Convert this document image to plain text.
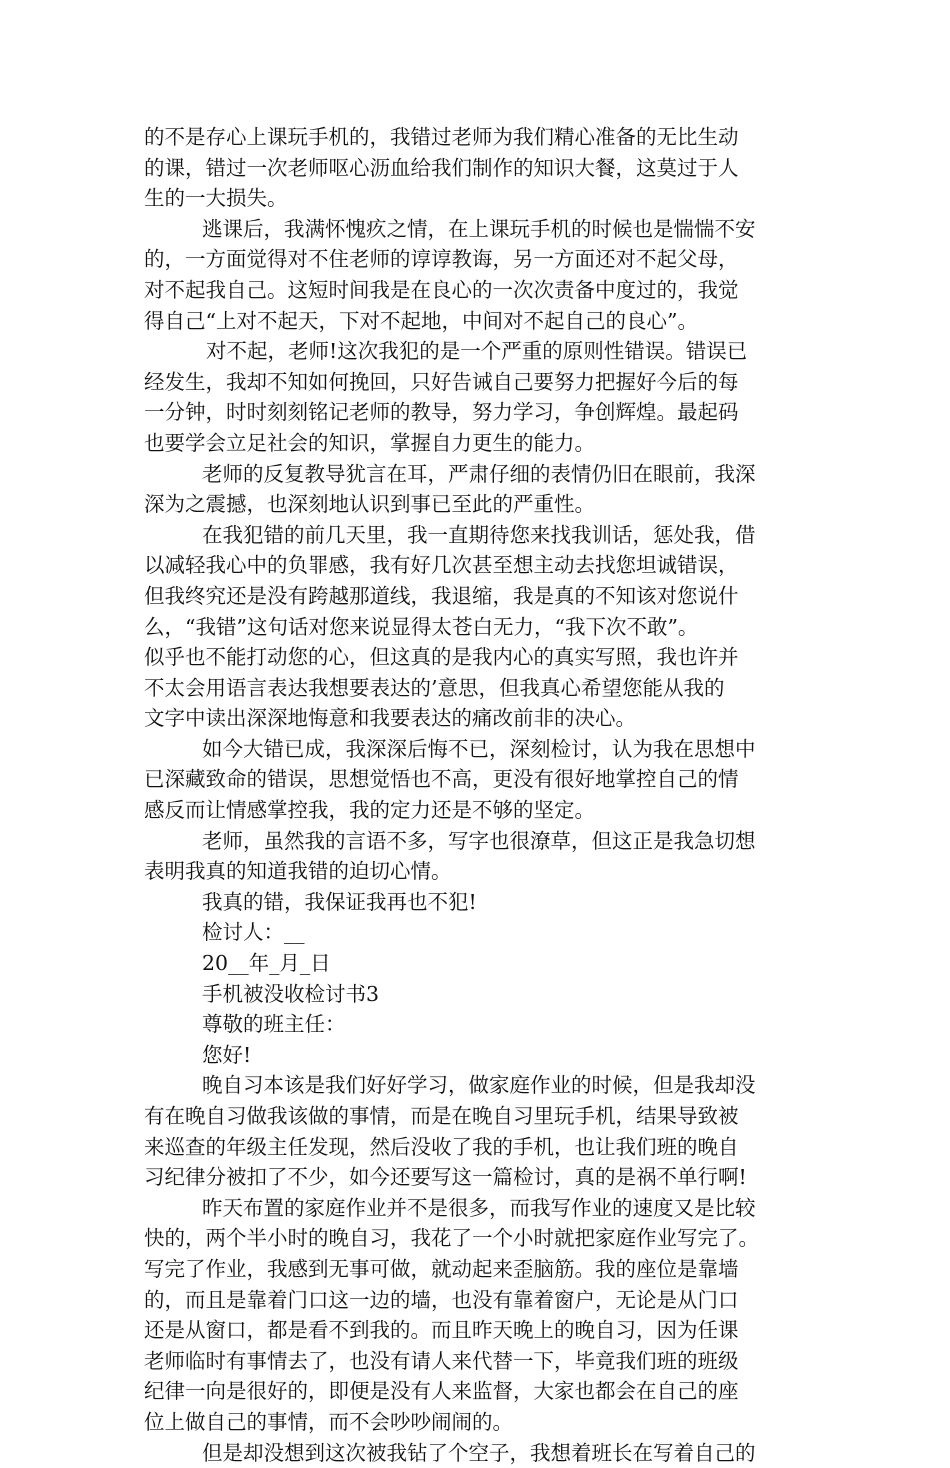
的不是存心上课玩手机的，我错过老师为我们精心准备的无比生动
的课，错过一次老师呕心沥血给我们制作的知识大餐，这莫过于人
生的一大损失。
逃课后，我满怀愧疚之情，在上课玩手机的时候也是惴惴不安
的，一方面觉得对不住老师的谆谆教诲，另一方面还对不起父母，
对不起我自己。这短时间我是在良心的一次次责备中度过的，我觉
得自己“上对不起天，下对不起地，中间对不起自己的良心”。
对不起，老师!这次我犯的是一个严重的原则性错误。错误已
经发生，我却不知如何挽回，只好告诫自己要努力把握好今后的每
一分钟，时时刻刻铭记老师的教导，努力学习，争创辉煌。最起码
也要学会立足社会的知识，掌握自力更生的能力。
老师的反复教导犹言在耳，严肃仔细的表情仍旧在眼前，我深
深为之震撼，也深刻地认识到事已至此的严重性。
在我犯错的前几天里，我一直期待您来找我训话，惩处我，借
以减轻我心中的负罪感，我有好几次甚至想主动去找您坦诚错误，
但我终究还是没有跨越那道线，我退缩，我是真的不知该对您说什
么，“我错”这句话对您来说显得太苍白无力，“我下次不敢”。
似乎也不能打动您的心，但这真的是我内心的真实写照，我也许并
不太会用语言表达我想要表达的’意思，但我真心希望您能从我的
文字中读出深深地悔意和我要表达的痛改前非的决心。
如今大错已成，我深深后悔不已，深刻检讨，认为我在思想中
已深藏致命的错误，思想觉悟也不高，更没有很好地掌控自己的情
感反而让情感掌控我，我的定力还是不够的坚定。
老师，虽然我的言语不多，写字也很潦草，但这正是我急切想
表明我真的知道我错的迫切心情。
我真的错，我保证我再也不犯!
检讨人：__
20__年_月_日
手机被没收检讨书3
尊敬的班主任：
您好!
晚自习本该是我们好好学习，做家庭作业的时候，但是我却没
有在晚自习做我该做的事情，而是在晚自习里玩手机，结果导致被
来巡查的年级主任发现，然后没收了我的手机，也让我们班的晚自
习纪律分被扣了不少，如今还要写这一篇检讨，真的是祸不单行啊!
昨天布置的家庭作业并不是很多，而我写作业的速度又是比较
快的，两个半小时的晚自习，我花了一个小时就把家庭作业写完了。
写完了作业，我感到无事可做，就动起来歪脑筋。我的座位是靠墙
的，而且是靠着门口这一边的墙，也没有靠着窗户，无论是从门口
还是从窗口，都是看不到我的。而且昨天晚上的晚自习，因为任课
老师临时有事情去了，也没有请人来代替一下，毕竟我们班的班级
纪律一向是很好的，即便是没有人来监督，大家也都会在自己的座
位上做自己的事情，而不会吵吵闹闹的。
但是却没想到这次被我钻了个空子，我想着班长在写着自己的
